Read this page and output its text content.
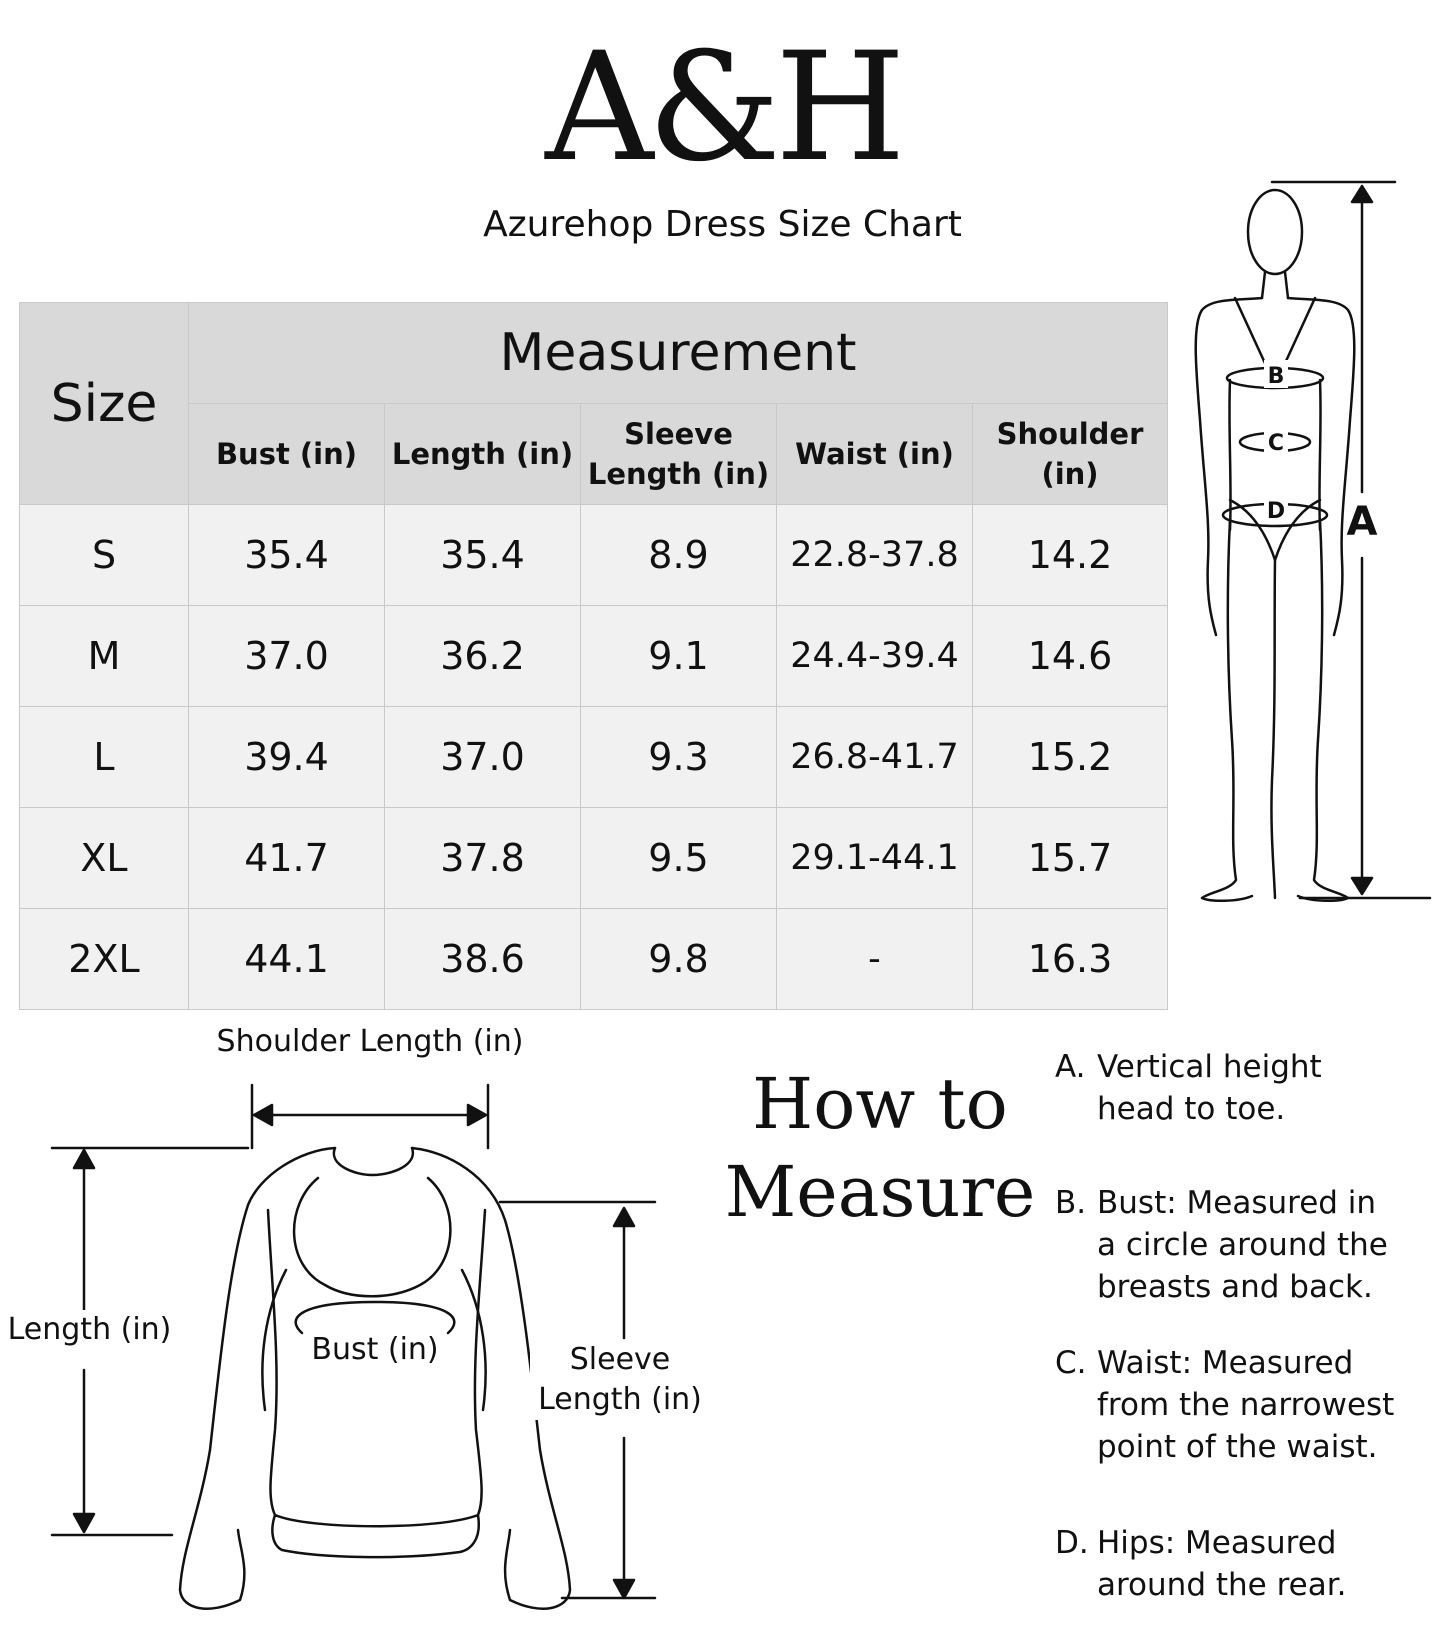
A&H
Azurehop Dress Size Chart
Size	Measurement				
	Bust (in)	Length (in)	Sleeve Length (in)	Waist (in)	Shoulder (in)
S	35.4	35.4	8.9	22.8-37.8	14.2
M	37.0	36.2	9.1	24.4-39.4	14.6
L	39.4	37.0	9.3	26.8-41.7	15.2
XL	41.7	37.8	9.5	29.1-44.1	15.7
2XL	44.1	38.6	9.8	-	16.3
B
C
D A
Shoulder Length (in)
Length (in)
Bust (in)	Sleeve
Length (in)
How to
Measure
A. Vertical height
head to toe.
B. Bust: Measured in
a circle around the
breasts and back.
C. Waist: Measured
from the narrowest
point of the waist.
D. Hips: Measured
around the rear.
